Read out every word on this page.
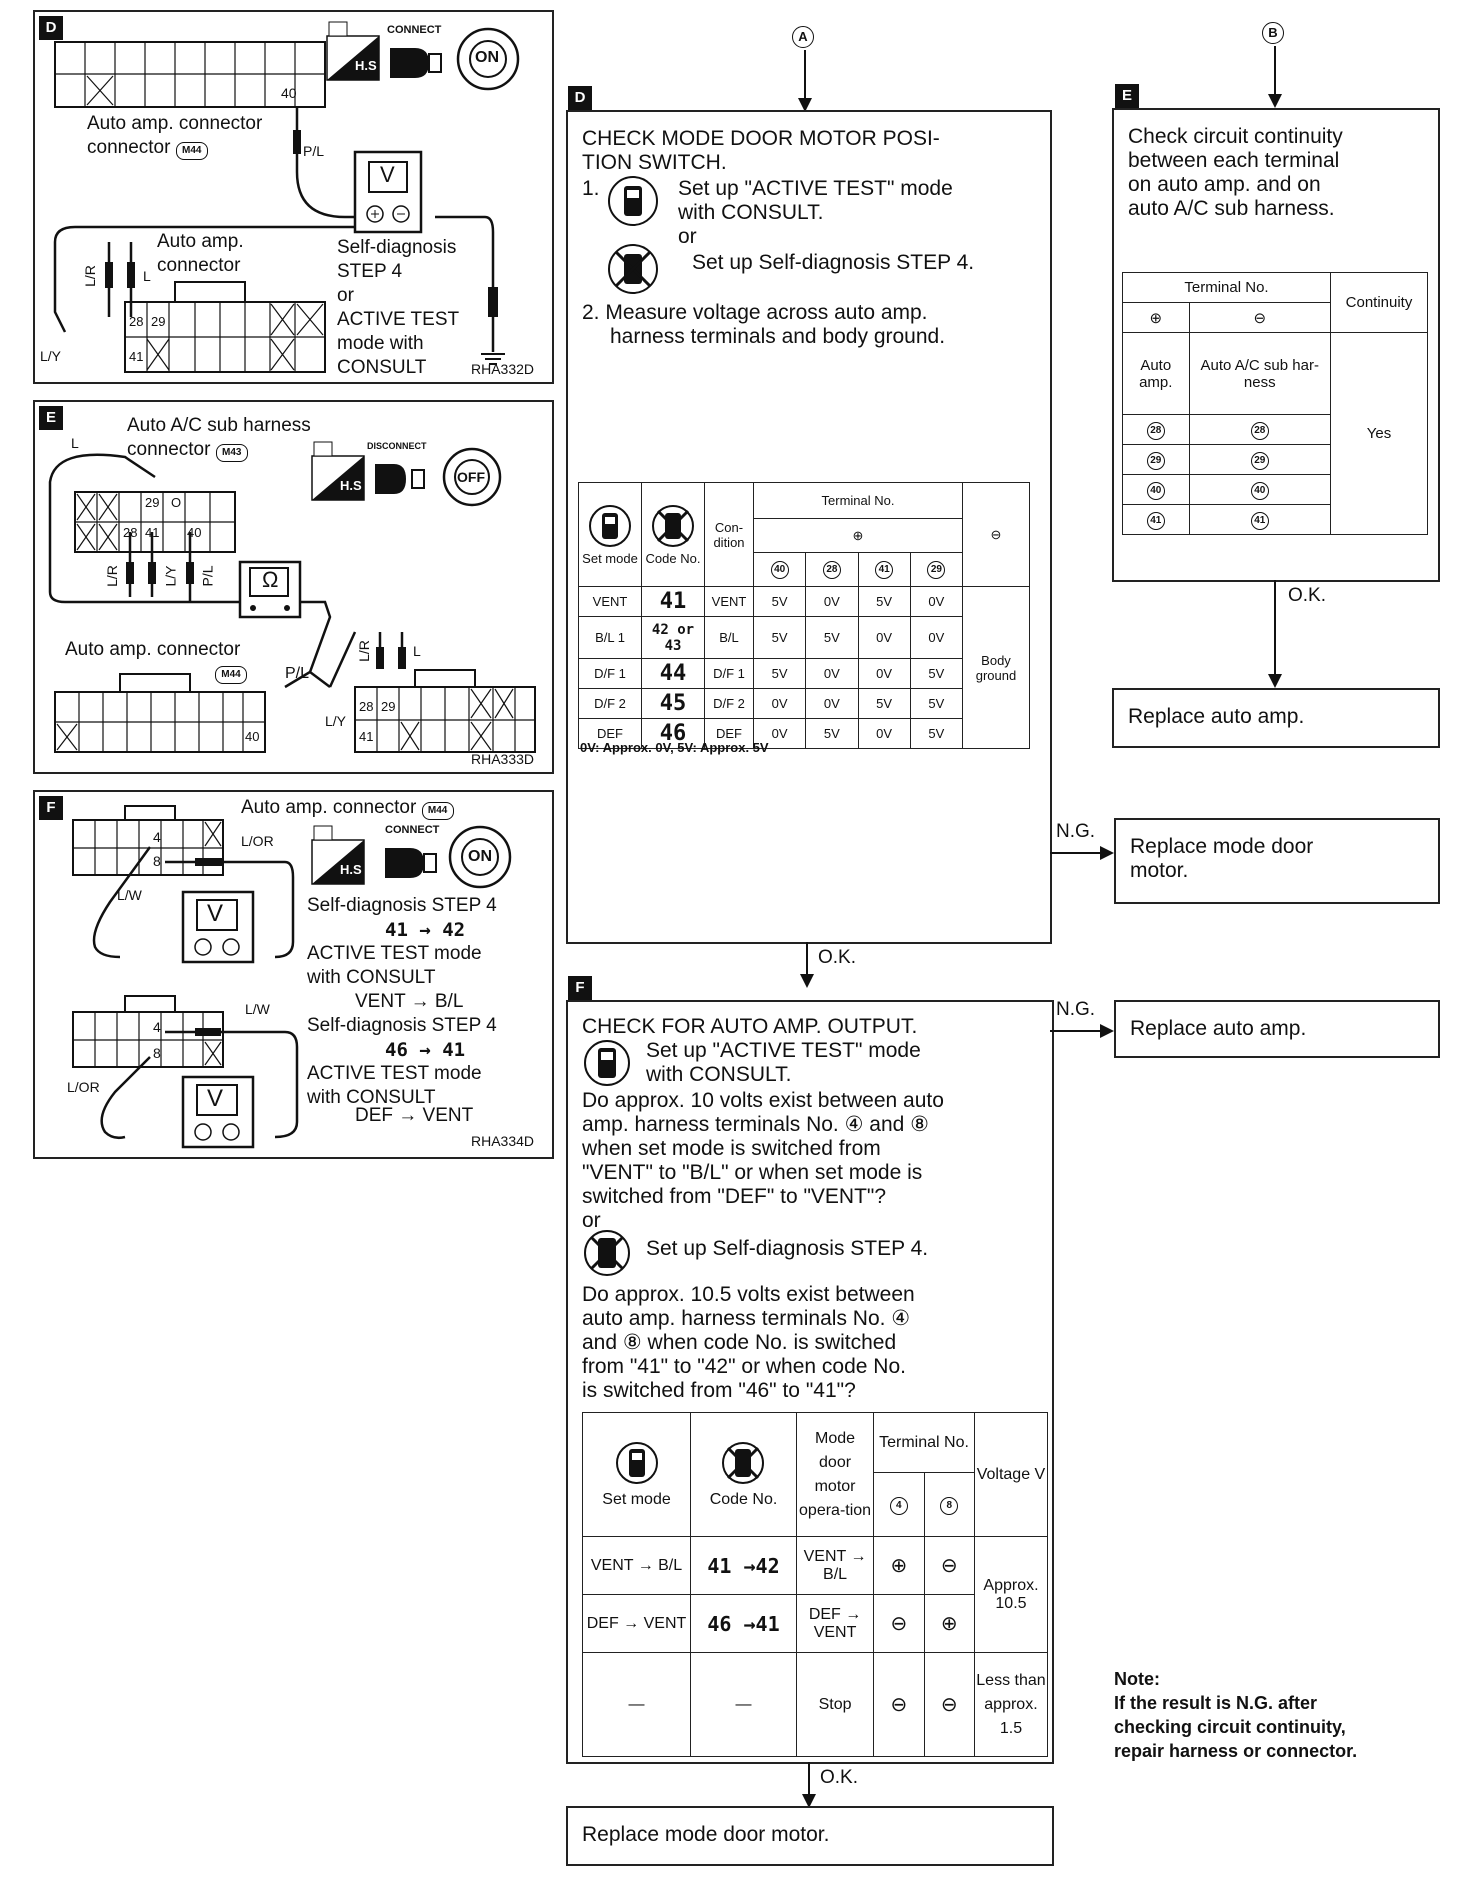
D
40
Auto amp. connector
connector M44	P/L
V
L/R	L
L/Y
28 29
41
Auto amp. connector
Self-diagnosis
STEP 4
or
ACTIVE TEST
mode with
CONSULT	RHA332D
H.S
CONNECT
ON
E	Auto A/C sub harness
connector M43
L
Ω
29 O
28 41 40
L/R	L/Y P/L
Auto amp. connector
M44	P/L
L/R	L
L/Y
28 29
41
40
RHA333D
H.S
DISCONNECT
OFF
F	Auto amp. connector M44
V
V
4
8
L/OR
L/W
4
8
L/W
L/OR
Self-diagnosis STEP 4
41 → 42
ACTIVE TEST mode
with CONSULT
VENT → B/L
Self-diagnosis STEP 4
46 → 41
ACTIVE TEST mode
with CONSULT
DEF → VENT
RHA334D
H.S
CONNECT
ON
A	B
D
CHECK MODE DOOR MOTOR POSI-
TION SWITCH.
1.	Set up "ACTIVE TEST" mode
with CONSULT.
or
Set up Self-diagnosis STEP 4.
2. Measure voltage across auto amp.
harness terminals and body ground.

Set mode	Code No.	Con-dition	Terminal No.				⊖
			⊕				
			40	28	41	29	
VENT	41	VENT	5V	0V	5V	0V	Body ground
B/L 1	42 or 43	B/L	5V	5V	0V	0V	
D/F 1	44	D/F 1	5V	0V	0V	5V	
D/F 2	45	D/F 2	0V	0V	5V	5V	
DEF	46	DEF	0V	5V	0V	5V	
0V: Approx. 0V, 5V: Approx. 5V
N.G.
Replace mode door
motor.
O.K.
E
Check circuit continuity
between each terminal
on auto amp. and on
auto A/C sub harness.
Terminal No.		Continuity
⊕	⊖	
Auto amp.	Auto A/C sub har-ness	Yes
28	28	
29	29	
40	40	
41	41	
O.K.
Replace auto amp.
F
CHECK FOR AUTO AMP. OUTPUT.
Set up "ACTIVE TEST" mode
with CONSULT.
Do approx. 10 volts exist between auto
amp. harness terminals No. ④ and ⑧
when set mode is switched from
"VENT" to "B/L" or when set mode is
switched from "DEF" to "VENT"?
or
Set up Self-diagnosis STEP 4.
Do approx. 10.5 volts exist between
auto amp. harness terminals No. ④
and ⑧ when code No. is switched
from "41" to "42" or when code No.
is switched from "46" to "41"?

Set mode	Code No.	Mode door motor opera-tion	Terminal No.		Voltage V
			4	8	
VENT → B/L	41 →42	VENT → B/L	⊕	⊖	Approx. 10.5
DEF → VENT	46 →41	DEF → VENT	⊖	⊕	
—	—	Stop	⊖	⊖	Less than approx. 1.5
N.G.
Replace auto amp.
O.K.
Replace mode door motor.
Note:
If the result is N.G. after
checking circuit continuity,
repair harness or connector.
